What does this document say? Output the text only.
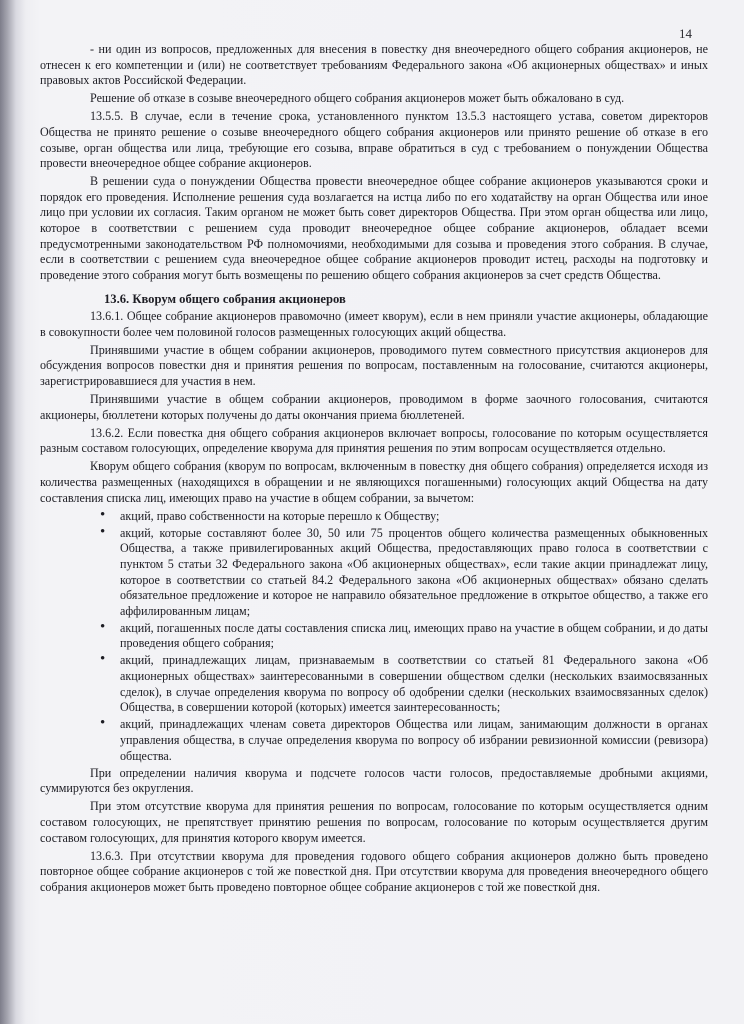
14

- ни один из вопросов, предложенных для внесения в повестку дня внеочередного общего собрания акционеров, не отнесен к его компетенции и (или) не соответствует требованиям Федерального закона «Об акционерных обществах» и иных правовых актов Российской Федерации.

Решение об отказе в созыве внеочередного общего собрания акционеров может быть обжаловано в суд.

13.5.5. В случае, если в течение срока, установленного пунктом 13.5.3 настоящего устава, советом директоров Общества не принято решение о созыве внеочередного общего собрания акционеров или принято решение об отказе в его созыве, орган общества или лица, требующие его созыва, вправе обратиться в суд с требованием о понуждении Общества провести внеочередное общее собрание акционеров.

В решении суда о понуждении Общества провести внеочередное общее собрание акционеров указываются сроки и порядок его проведения. Исполнение решения суда возлагается на истца либо по его ходатайству на орган Общества или иное лицо при условии их согласия. Таким органом не может быть совет директоров Общества. При этом орган общества или лицо, которое в соответствии с решением суда проводит внеочередное общее собрание акционеров, обладает всеми предусмотренными законодательством РФ полномочиями, необходимыми для созыва и проведения этого собрания. В случае, если в соответствии с решением суда внеочередное общее собрание акционеров проводит истец, расходы на подготовку и проведение этого собрания могут быть возмещены по решению общего собрания акционеров за счет средств Общества.

13.6. Кворум общего собрания акционеров

13.6.1. Общее собрание акционеров правомочно (имеет кворум), если в нем приняли участие акционеры, обладающие в совокупности более чем половиной голосов размещенных голосующих акций общества.

Принявшими участие в общем собрании акционеров, проводимого путем совместного присутствия акционеров для обсуждения вопросов повестки дня и принятия решения по вопросам, поставленным на голосование, считаются акционеры, зарегистрировавшиеся для участия в нем.

Принявшими участие в общем собрании акционеров, проводимом в форме заочного голосования, считаются акционеры, бюллетени которых получены до даты окончания приема бюллетеней.

13.6.2. Если повестка дня общего собрания акционеров включает вопросы, голосование по которым осуществляется разным составом голосующих, определение кворума для принятия решения по этим вопросам осуществляется отдельно.

Кворум общего собрания (кворум по вопросам, включенным в повестку дня общего собрания) определяется исходя из количества размещенных (находящихся в обращении и не являющихся погашенными) голосующих акций Общества на дату составления списка лиц, имеющих право на участие в общем собрании, за вычетом:

• акций, право собственности на которые перешло к Обществу;
• акций, которые составляют более 30, 50 или 75 процентов общего количества размещенных обыкновенных Общества, а также привилегированных акций Общества, предоставляющих право голоса в соответствии с пунктом 5 статьи 32 Федерального закона «Об акционерных обществах», если такие акции принадлежат лицу, которое в соответствии со статьей 84.2 Федерального закона «Об акционерных обществах» обязано сделать обязательное предложение и которое не направило обязательное предложение в открытое общество, а также его аффилированным лицам;
• акций, погашенных после даты составления списка лиц, имеющих право на участие в общем собрании, и до даты проведения общего собрания;
• акций, принадлежащих лицам, признаваемым в соответствии со статьей 81 Федерального закона «Об акционерных обществах» заинтересованными в совершении обществом сделки (нескольких взаимосвязанных сделок), в случае определения кворума по вопросу об одобрении сделки (нескольких взаимосвязанных сделок) Общества, в совершении которой (которых) имеется заинтересованность;
• акций, принадлежащих членам совета директоров Общества или лицам, занимающим должности в органах управления общества, в случае определения кворума по вопросу об избрании ревизионной комиссии (ревизора) общества.

При определении наличия кворума и подсчете голосов части голосов, предоставляемые дробными акциями, суммируются без округления.

При этом отсутствие кворума для принятия решения по вопросам, голосование по которым осуществляется одним составом голосующих, не препятствует принятию решения по вопросам, голосование по которым осуществляется другим составом голосующих, для принятия которого кворум имеется.

13.6.3. При отсутствии кворума для проведения годового общего собрания акционеров должно быть проведено повторное общее собрание акционеров с той же повесткой дня. При отсутствии кворума для проведения внеочередного общего собрания акционеров может быть проведено повторное общее собрание акционеров с той же повесткой дня.
